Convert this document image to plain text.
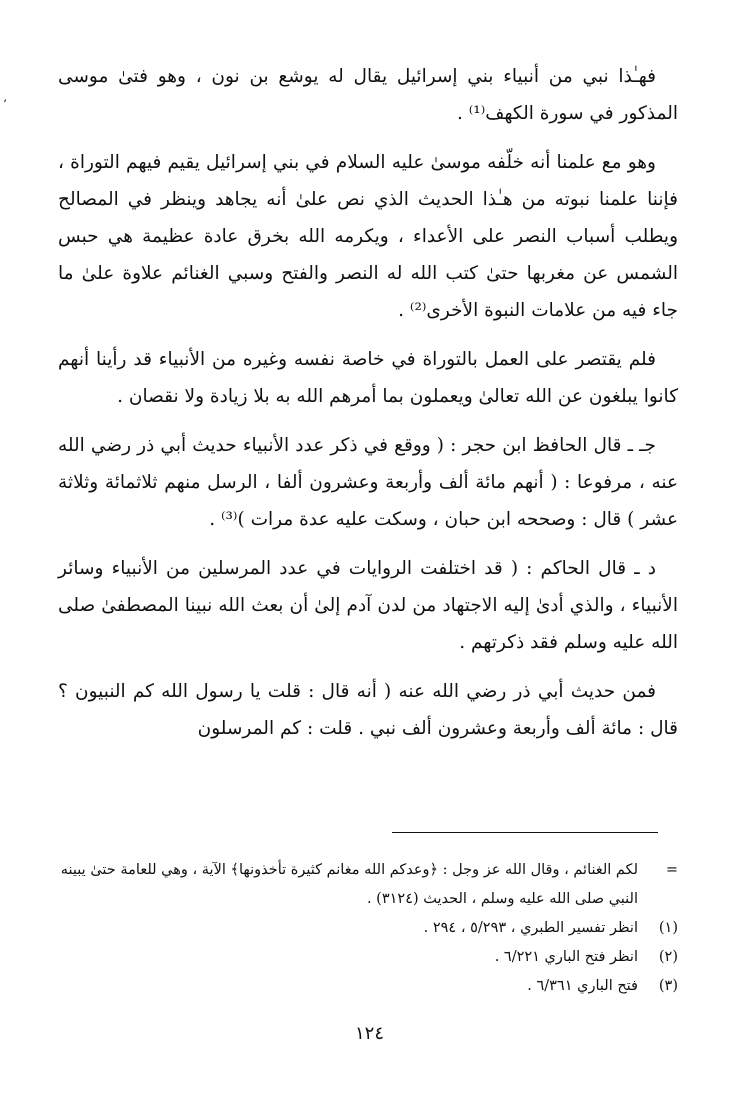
،

فهـٰذا نبي من أنبياء بني إسرائيل يقال له يوشع بن نون ، وهو فتىٰ موسى المذكور في سورة الكهف⁽¹⁾ .

وهو مع علمنا أنه خلّفه موسىٰ عليه السلام في بني إسرائيل يقيم فيهم التوراة ، فإننا علمنا نبوته من هـٰذا الحديث الذي نص علىٰ أنه يجاهد وينظر في المصالح ويطلب أسباب النصر على الأعداء ، ويكرمه الله بخرق عادة عظيمة هي حبس الشمس عن مغربها حتىٰ كتب الله له النصر والفتح وسبي الغنائم علاوة علىٰ ما جاء فيه من علامات النبوة الأخرى⁽²⁾ .

فلم يقتصر على العمل بالتوراة في خاصة نفسه وغيره من الأنبياء قد رأينا أنهم كانوا يبلغون عن الله تعالىٰ ويعملون بما أمرهم الله به بلا زيادة ولا نقصان .

جـ ـ قال الحافظ ابن حجر : ( ووقع في ذكر عدد الأنبياء حديث أبي ذر رضي الله عنه ، مرفوعا : ( أنهم مائة ألف وأربعة وعشرون ألفا ، الرسل منهم ثلاثمائة وثلاثة عشر ) قال : وصححه ابن حبان ، وسكت عليه عدة مرات )⁽³⁾ .

د ـ قال الحاكم : ( قد اختلفت الروايات في عدد المرسلين من الأنبياء وسائر الأنبياء ، والذي أدىٰ إليه الاجتهاد من لدن آدم إلىٰ أن بعث الله نبينا المصطفىٰ صلى الله عليه وسلم فقد ذكرتهم .

فمن حديث أبي ذر رضي الله عنه ( أنه قال : قلت يا رسول الله كم النبيون ؟ قال : مائة ألف وأربعة وعشرون ألف نبي . قلت : كم المرسلون

=
لكم الغنائم ، وقال الله عز وجل : ﴿وعدكم الله مغانم كثيرة تأخذونها﴾ الآية ، وهي للعامة حتىٰ يبينه النبي صلى الله عليه وسلم ، الحديث (٣١٢٤) .
(١)
انظر تفسير الطبري ، ٥/٢٩٣ ، ٢٩٤ .
(٢)
انظر فتح الباري ٦/٢٢١ .
(٣)
فتح الباري ٦/٣٦١ .
١٢٤
